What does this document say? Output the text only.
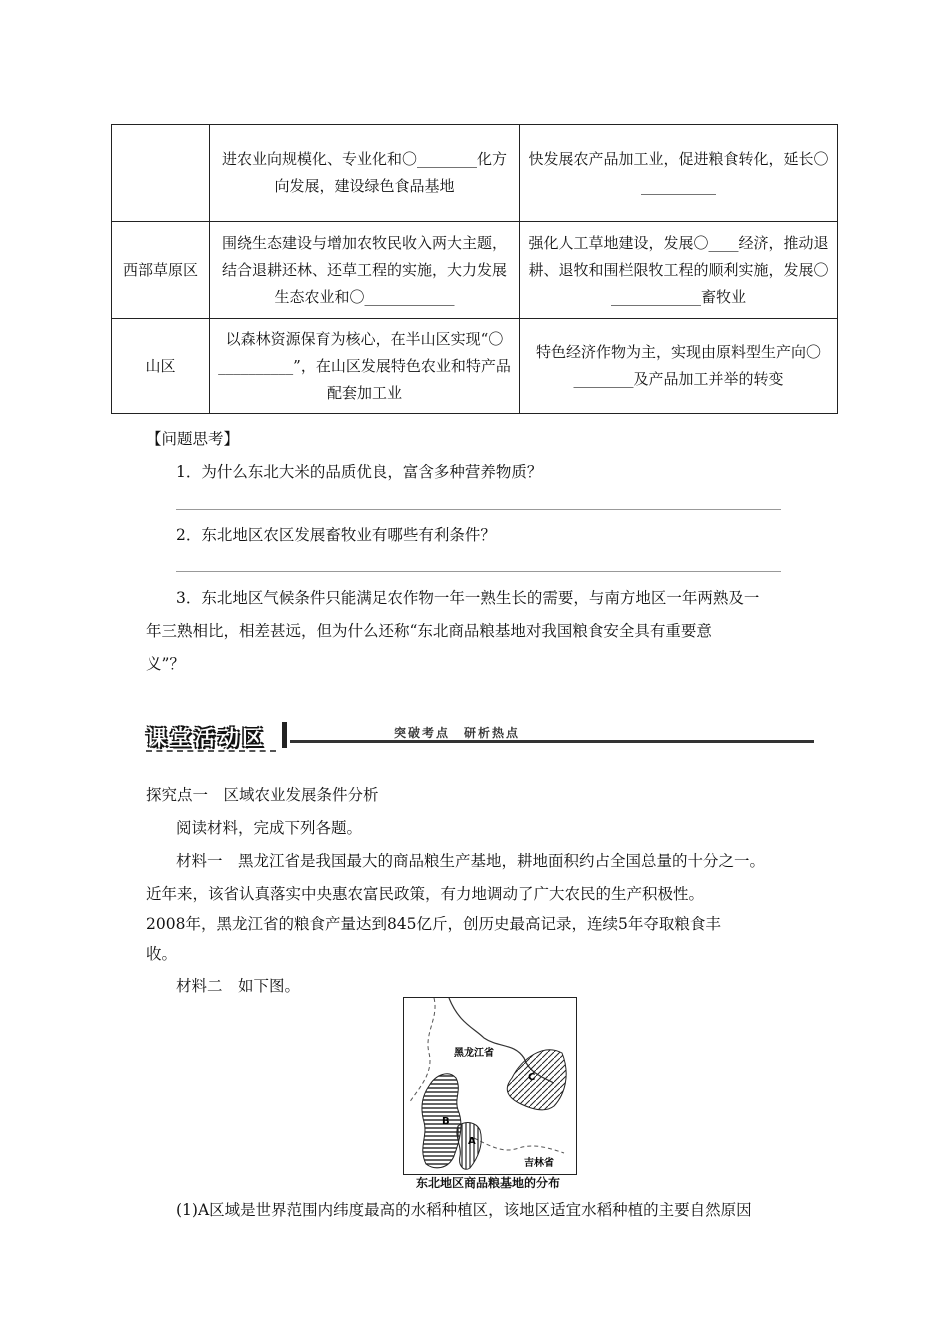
	进农业向规模化、专业化和〇________化方向发展，建设绿色食品基地	快发展农产品加工业，促进粮食转化，延长〇__________
西部草原区	围绕生态建设与增加农牧民收入两大主题，结合退耕还林、还草工程的实施，大力发展生态农业和〇____________	强化人工草地建设，发展〇____经济，推动退耕、退牧和围栏限牧工程的顺利实施，发展〇____________畜牧业
山区	以森林资源保育为核心，在半山区实现“〇__________”，在山区发展特色农业和特产品配套加工业	特色经济作物为主，实现由原料型生产向〇________及产品加工并举的转变
【问题思考】
1．为什么东北大米的品质优良，富含多种营养物质？
2．东北地区农区发展畜牧业有哪些有利条件？
3．东北地区气候条件只能满足农作物一年一熟生长的需要，与南方地区一年两熟及一
年三熟相比，相差甚远，但为什么还称“东北商品粮基地对我国粮食安全具有重要意
义”？
课堂活动区	突破考点　研析热点
探究点一　区域农业发展条件分析
阅读材料，完成下列各题。
材料一　黑龙江省是我国最大的商品粮生产基地，耕地面积约占全国总量的十分之一。
近年来，该省认真落实中央惠农富民政策，有力地调动了广大农民的生产积极性。
2008年，黑龙江省的粮食产量达到845亿斤，创历史最高记录，连续5年夺取粮食丰
收。
材料二　如下图。
黑龙江省
C
B
A
吉林省
东北地区商品粮基地的分布
(1)A区域是世界范围内纬度最高的水稻种植区，该地区适宜水稻种植的主要自然原因
